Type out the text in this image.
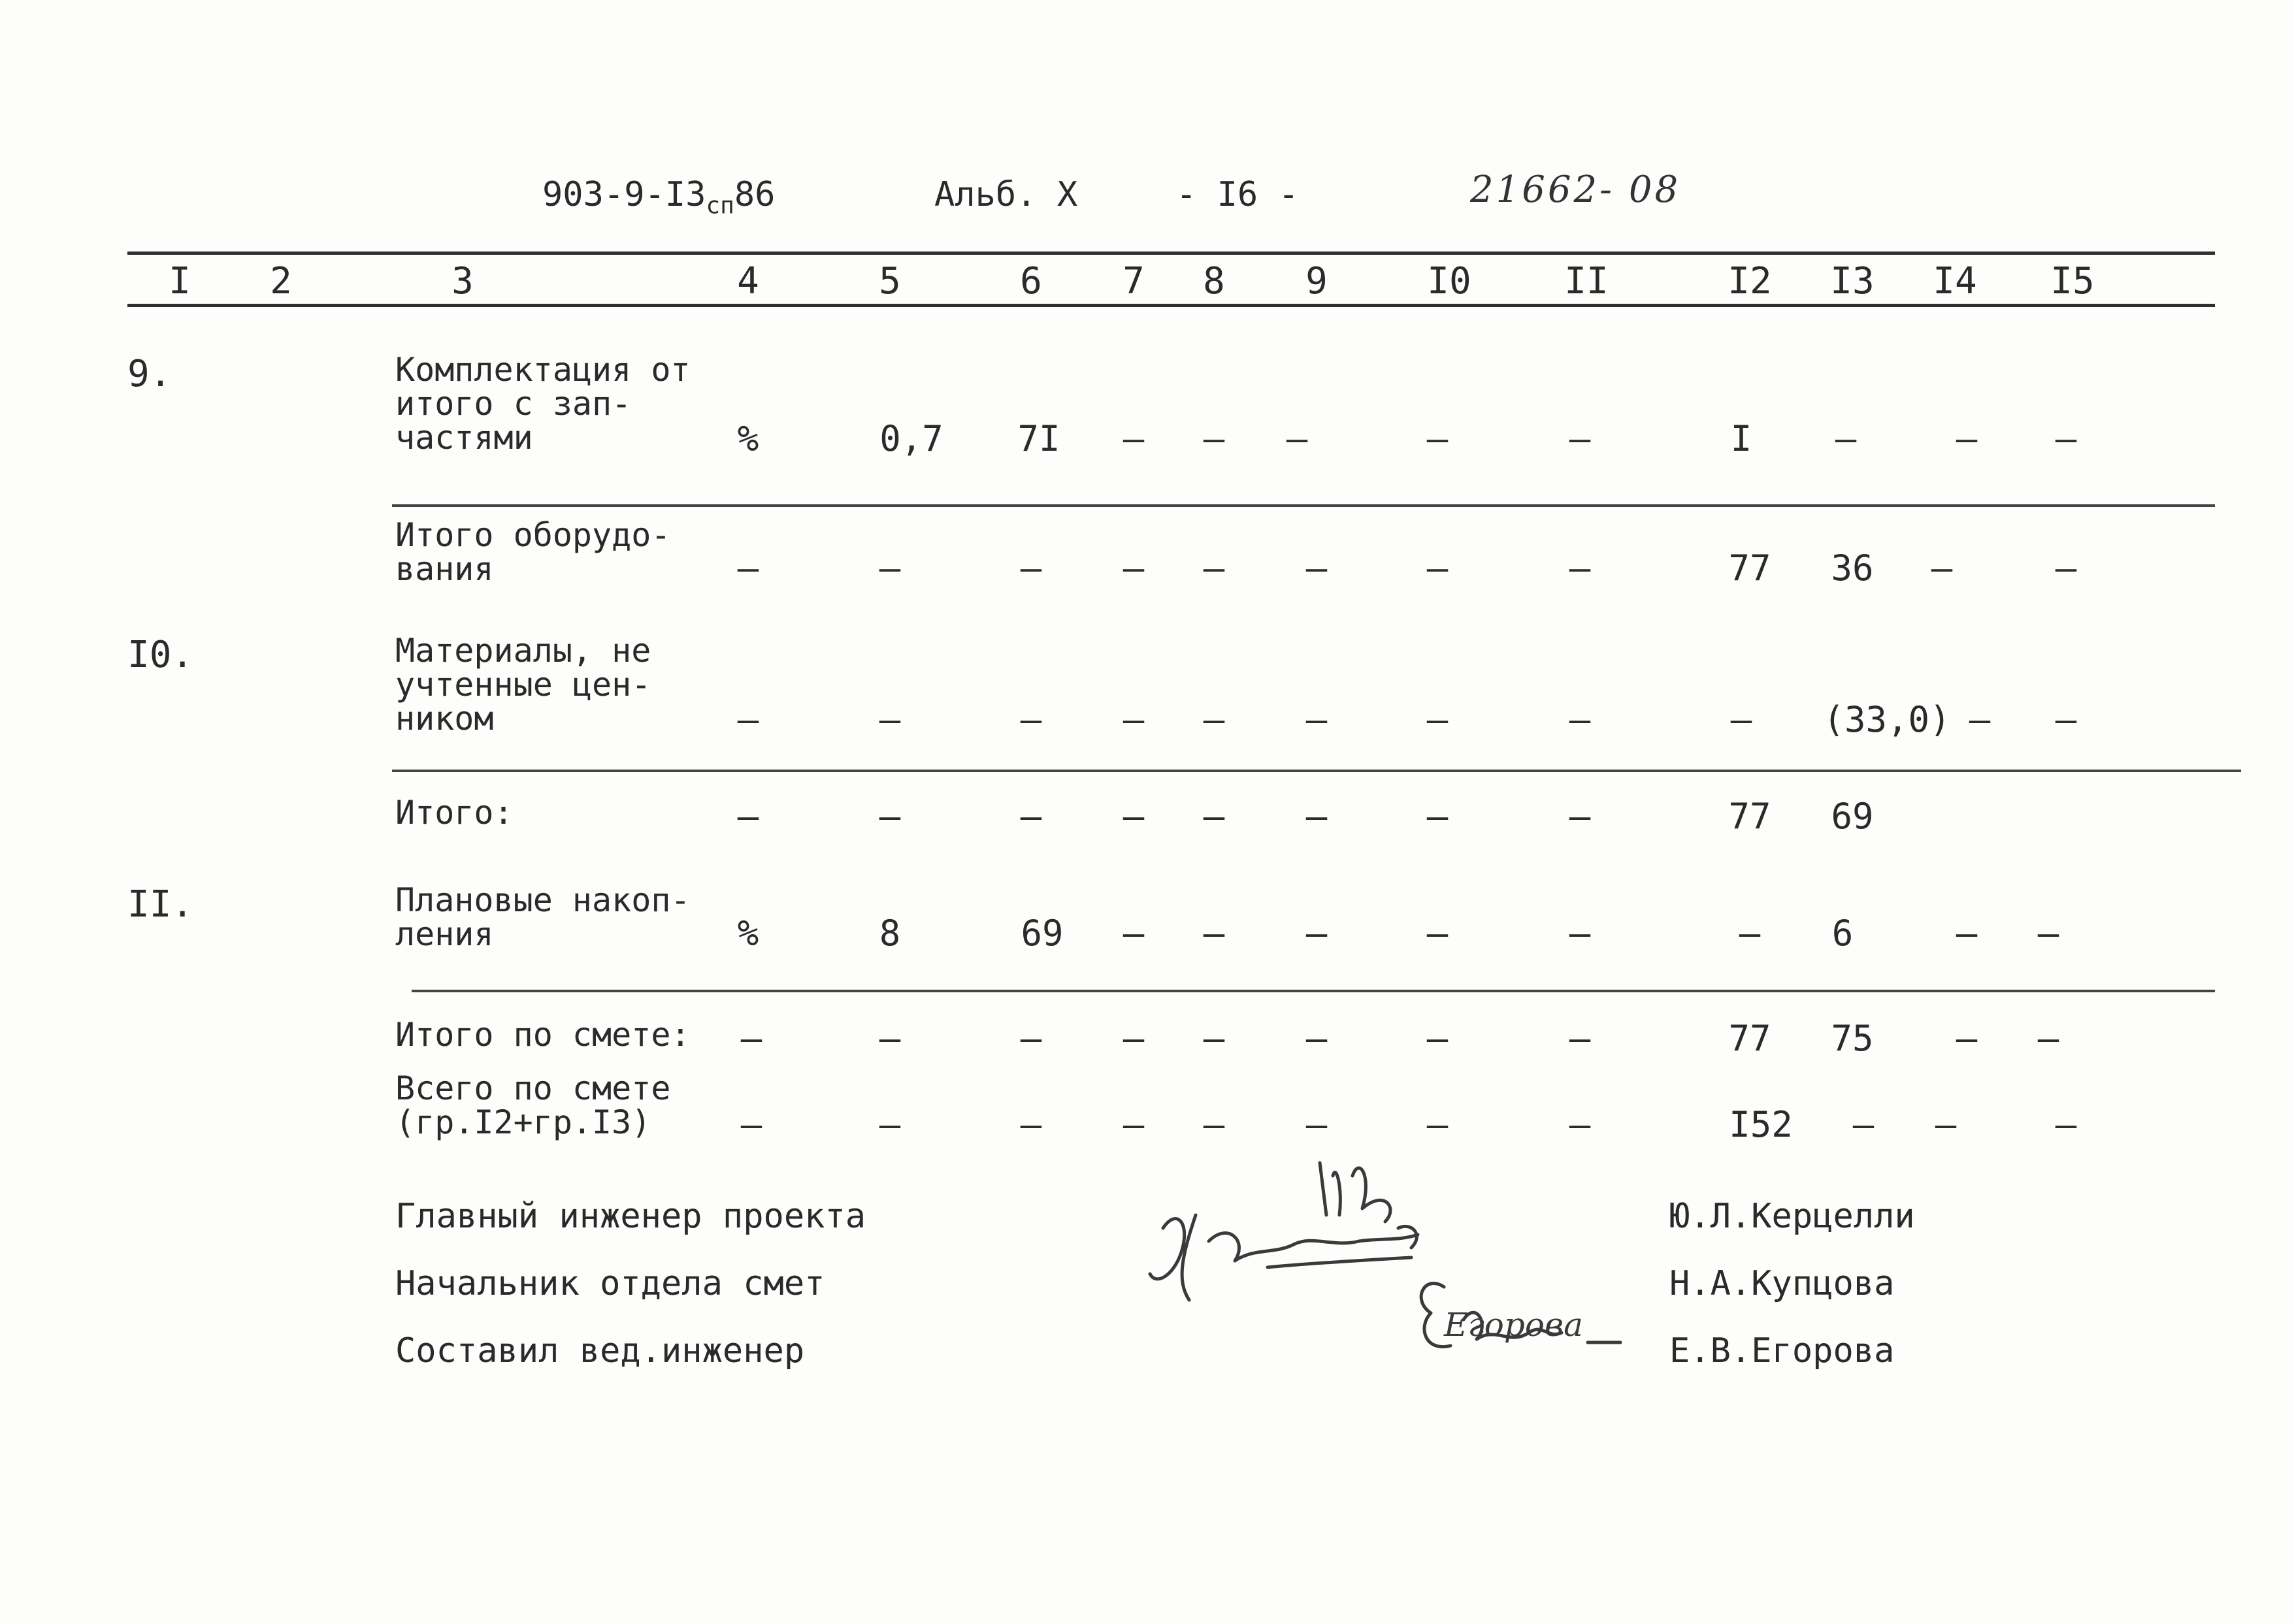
$903-9-I3_{сп}86$	Альб. X	- I6 -	21662- 08
I 2	3	4	5	6 7 8 9	I0	II	I2 I3 I4 I5
9.	Комплектация от
итого с зап-
частями	%	0,7 7I – – –	–	–	I –	– –
Итого оборудо-
вания	–	–	– – – –	–	–	77 36 –	–
I0.	Материалы, не
учтенные цен-
ником	–	–	– – – –	–	–	– (33,0) – –
Итого:	–	–	– – – –	–	–	77 69
II.	Плановые накоп-
ления	%	8	69 – – –	–	–	– 6	– –
Итого по смете:	–	–	– – – –	–	–	77 75 – –
Всего по смете
(гр.I2+гр.I3)	–	–	– – – –	–	–	I52 – –	–
Главный инженер проекта	Ю.Л.Керцелли
Начальник отдела смет	Н.А.Купцова
Составил вед.инженер	Е.В.Егорова
Егорова
